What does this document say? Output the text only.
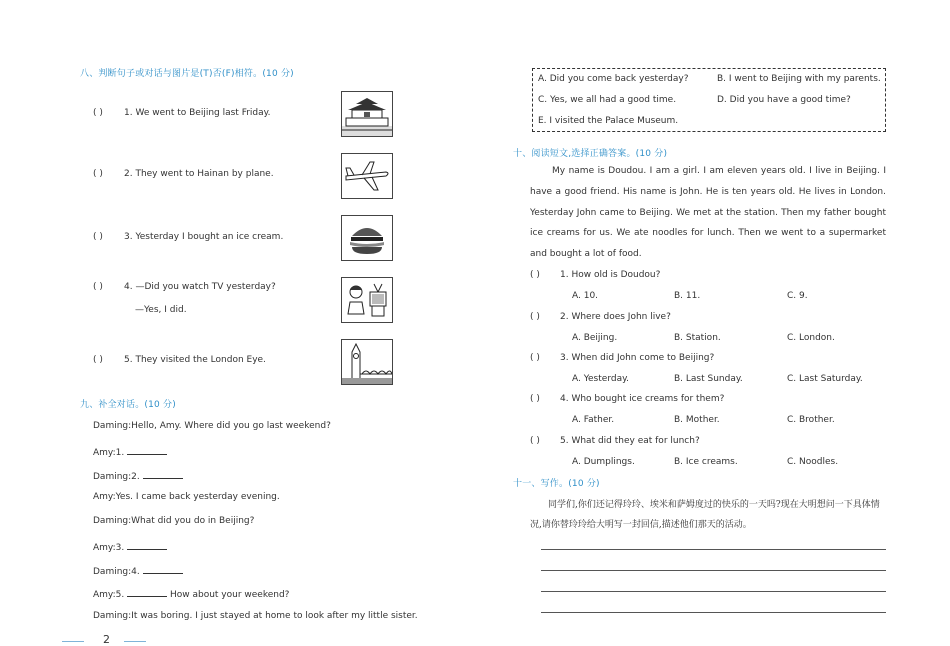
八、判断句子或对话与图片是(T)否(F)相符。(10 分)
( ) 1. We went to Beijing last Friday.
( ) 2. They went to Hainan by plane.
( ) 3. Yesterday I bought an ice cream.
( ) 4. —Did you watch TV yesterday?
—Yes, I did.
( ) 5. They visited the London Eye.
九、补全对话。(10 分)
Daming:Hello, Amy. Where did you go last weekend?
Amy:1.
Daming:2.
Amy:Yes. I came back yesterday evening.
Daming:What did you do in Beijing?
Amy:3.
Daming:4.
Amy:5.	How about your weekend?
Daming:It was boring. I just stayed at home to look after my little sister.
2
A. Did you come back yesterday?	B. I went to Beijing with my parents.
C. Yes, we all had a good time.	D. Did you have a good time?
E. I visited the Palace Museum.
十、阅读短文,选择正确答案。(10 分)
My name is Doudou. I am a girl. I am eleven years old. I live in Beijing. I have a good friend. His name is John. He is ten years old. He lives in London. Yesterday John came to Beijing. We met at the station. Then my father bought ice creams for us. We ate noodles for lunch. Then we went to a supermarket and bought a lot of food.
( ) 1. How old is Doudou?
A. 10.	B. 11.	C. 9.
( ) 2. Where does John live?
A. Beijing.	B. Station.	C. London.
( ) 3. When did John come to Beijing?
A. Yesterday.	B. Last Sunday.	C. Last Saturday.
( ) 4. Who bought ice creams for them?
A. Father.	B. Mother.	C. Brother.
( ) 5. What did they eat for lunch?
A. Dumplings.	B. Ice creams.	C. Noodles.
十一、写作。(10 分)
同学们,你们还记得玲玲、埃米和萨姆度过的快乐的一天吗?现在大明想问一下具体情况,请你替玲玲给大明写一封回信,描述他们那天的活动。
